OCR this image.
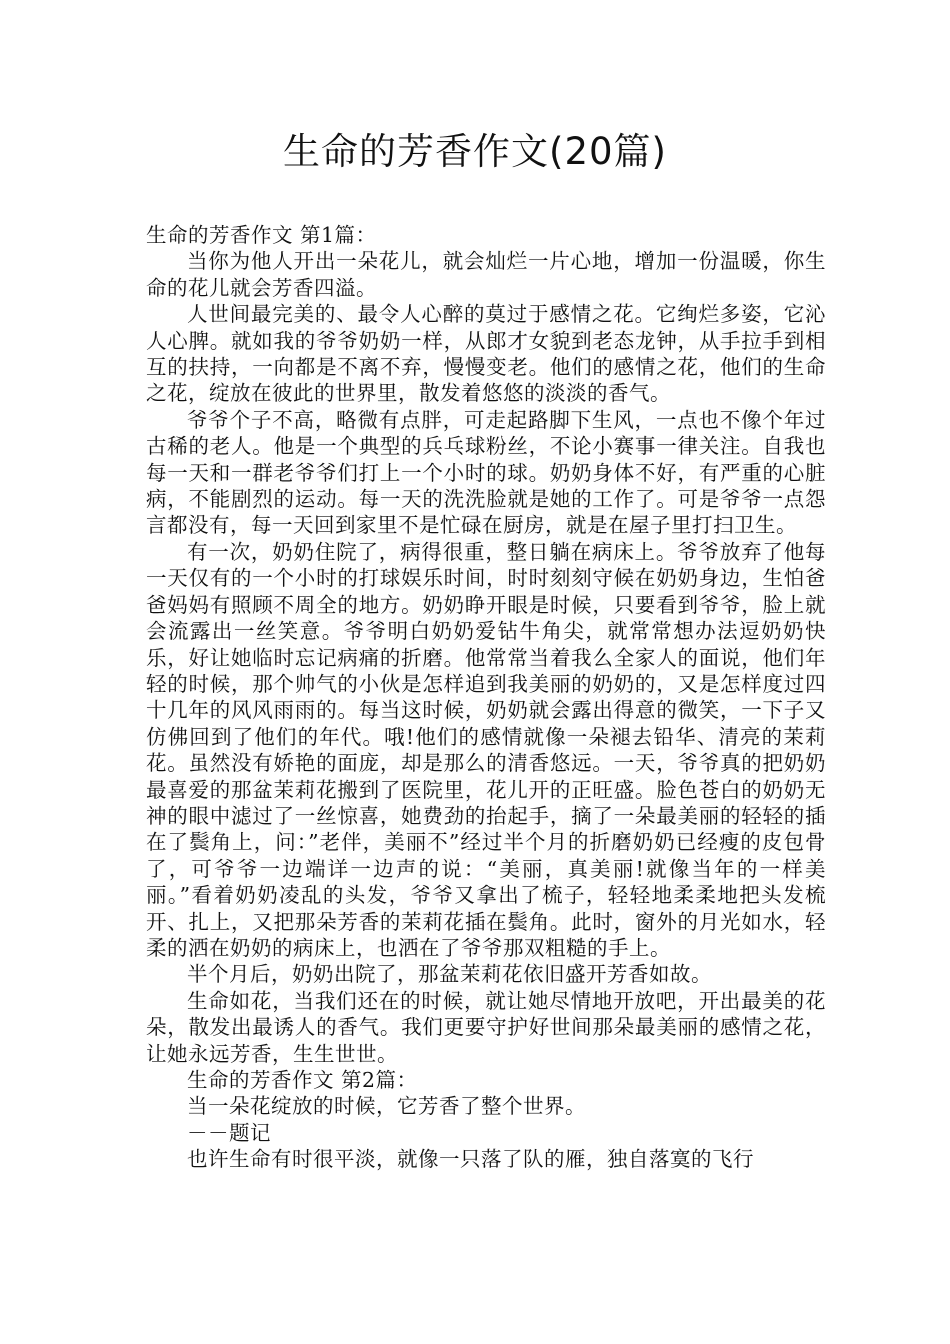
生命的芳香作文(20篇)

生命的芳香作文 第1篇：

当你为他人开出一朵花儿，就会灿烂一片心地，增加一份温暖，你生命的花儿就会芳香四溢。

人世间最完美的、最令人心醉的莫过于感情之花。它绚烂多姿，它沁人心脾。就如我的爷爷奶奶一样，从郎才女貌到老态龙钟，从手拉手到相互的扶持，一向都是不离不弃，慢慢变老。他们的感情之花，他们的生命之花，绽放在彼此的世界里，散发着悠悠的淡淡的香气。

爷爷个子不高，略微有点胖，可走起路脚下生风，一点也不像个年过古稀的老人。他是一个典型的兵乓球粉丝，不论小赛事一律关注。自我也每一天和一群老爷爷们打上一个小时的球。奶奶身体不好，有严重的心脏病，不能剧烈的运动。每一天的洗洗脸就是她的工作了。可是爷爷一点怨言都没有，每一天回到家里不是忙碌在厨房，就是在屋子里打扫卫生。

有一次，奶奶住院了，病得很重，整日躺在病床上。爷爷放弃了他每一天仅有的一个小时的打球娱乐时间，时时刻刻守候在奶奶身边，生怕爸爸妈妈有照顾不周全的地方。奶奶睁开眼是时候，只要看到爷爷，脸上就会流露出一丝笑意。爷爷明白奶奶爱钻牛角尖，就常常想办法逗奶奶快乐，好让她临时忘记病痛的折磨。他常常当着我么全家人的面说，他们年轻的时候，那个帅气的小伙是怎样追到我美丽的奶奶的，又是怎样度过四十几年的风风雨雨的。每当这时候，奶奶就会露出得意的微笑，一下子又仿佛回到了他们的年代。哦!他们的感情就像一朵褪去铅华、清亮的茉莉花。虽然没有娇艳的面庞，却是那么的清香悠远。一天，爷爷真的把奶奶最喜爱的那盆茉莉花搬到了医院里，花儿开的正旺盛。脸色苍白的奶奶无神的眼中滤过了一丝惊喜，她费劲的抬起手，摘了一朵最美丽的轻轻的插在了鬓角上，问：”老伴，美丽不”经过半个月的折磨奶奶已经瘦的皮包骨了，可爷爷一边端详一边声的说：“美丽，真美丽!就像当年的一样美丽。”看着奶奶凌乱的头发，爷爷又拿出了梳子，轻轻地柔柔地把头发梳开、扎上，又把那朵芳香的茉莉花插在鬓角。此时，窗外的月光如水，轻柔的洒在奶奶的病床上，也洒在了爷爷那双粗糙的手上。

半个月后，奶奶出院了，那盆茉莉花依旧盛开芳香如故。

生命如花，当我们还在的时候，就让她尽情地开放吧，开出最美的花朵，散发出最诱人的香气。我们更要守护好世间那朵最美丽的感情之花，让她永远芳香，生生世世。

生命的芳香作文 第2篇：

当一朵花绽放的时候，它芳香了整个世界。

－－题记

也许生命有时很平淡，就像一只落了队的雁，独自落寞的飞行
